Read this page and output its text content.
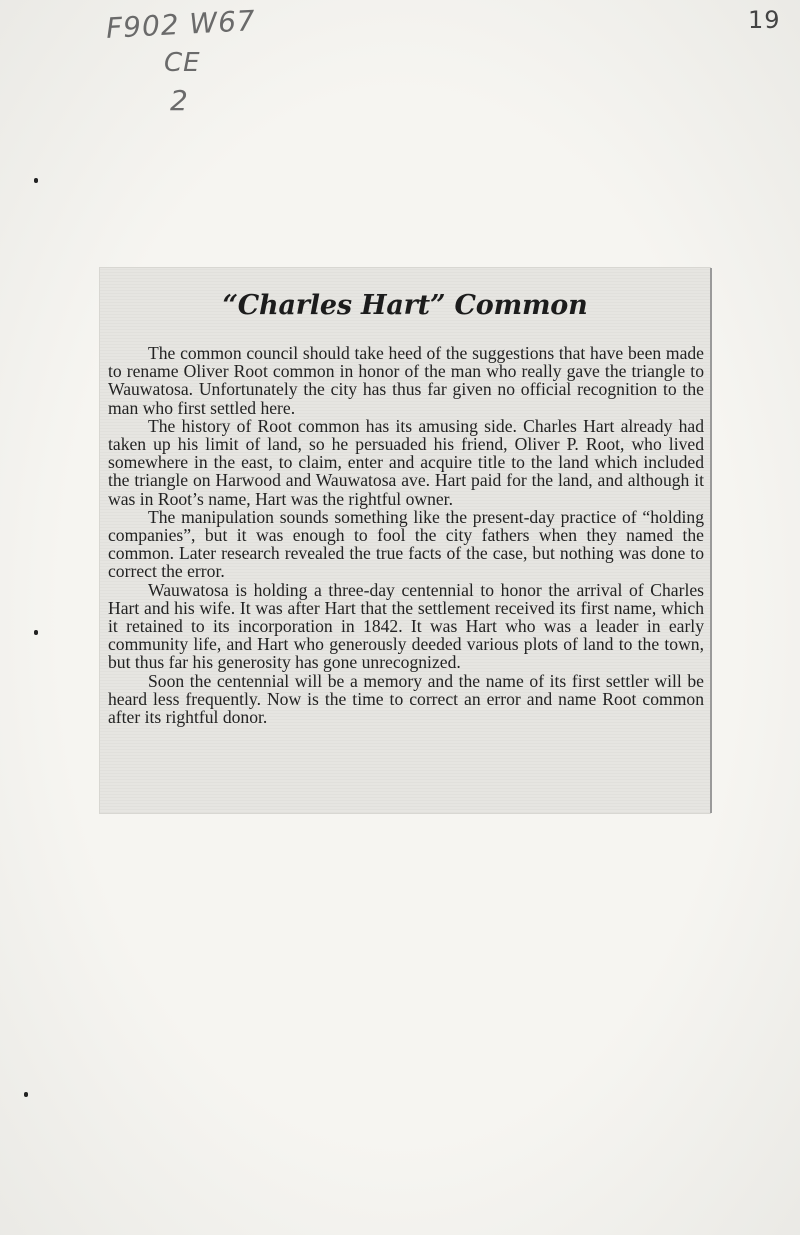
F902 W67
CE
2
19
“Charles Hart” Common

The common council should take heed of the suggestions that have been made to rename Oliver Root common in honor of the man who really gave the triangle to Wauwatosa. Unfortunately the city has thus far given no official recognition to the man who first settled here.

The history of Root common has its amusing side. Charles Hart already had taken up his limit of land, so he persuaded his friend, Oliver P. Root, who lived somewhere in the east, to claim, enter and acquire title to the land which included the triangle on Harwood and Wauwatosa ave. Hart paid for the land, and although it was in Root’s name, Hart was the rightful owner.

The manipulation sounds something like the present-day practice of “holding companies”, but it was enough to fool the city fathers when they named the common. Later research revealed the true facts of the case, but nothing was done to correct the error.

Wauwatosa is holding a three-day centennial to honor the arrival of Charles Hart and his wife. It was after Hart that the settlement received its first name, which it retained to its incorporation in 1842. It was Hart who was a leader in early community life, and Hart who generously deeded various plots of land to the town, but thus far his generosity has gone unrecognized.

Soon the centennial will be a memory and the name of its first settler will be heard less frequently. Now is the time to correct an error and name Root common after its rightful donor.
